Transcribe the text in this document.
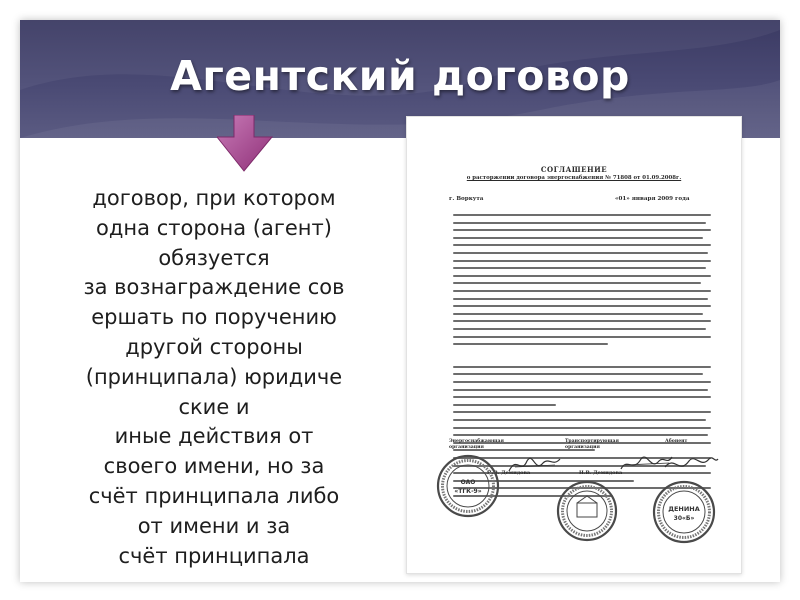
Агентский договор
договор, при котором
одна сторона (агент)
обязуется
за вознаграждение сов
ершать по поручению
другой стороны
(принципала) юридиче
ские и
иные действия от
своего имени, но за
счёт принципала либо
от имени и за
счёт принципала
СОГЛАШЕНИЕ
о расторжении договора энергоснабжения № 71808 от 01.09.2008г.
г. Воркута	«01» января 2009 года
Энергоснабжающая
организация
Транспортирующая
организация
Абонент
Н.В. Демидова	Н.В. Демидова
ОАО
«ТГК-9»
ДЕНИНА
30«Б»
